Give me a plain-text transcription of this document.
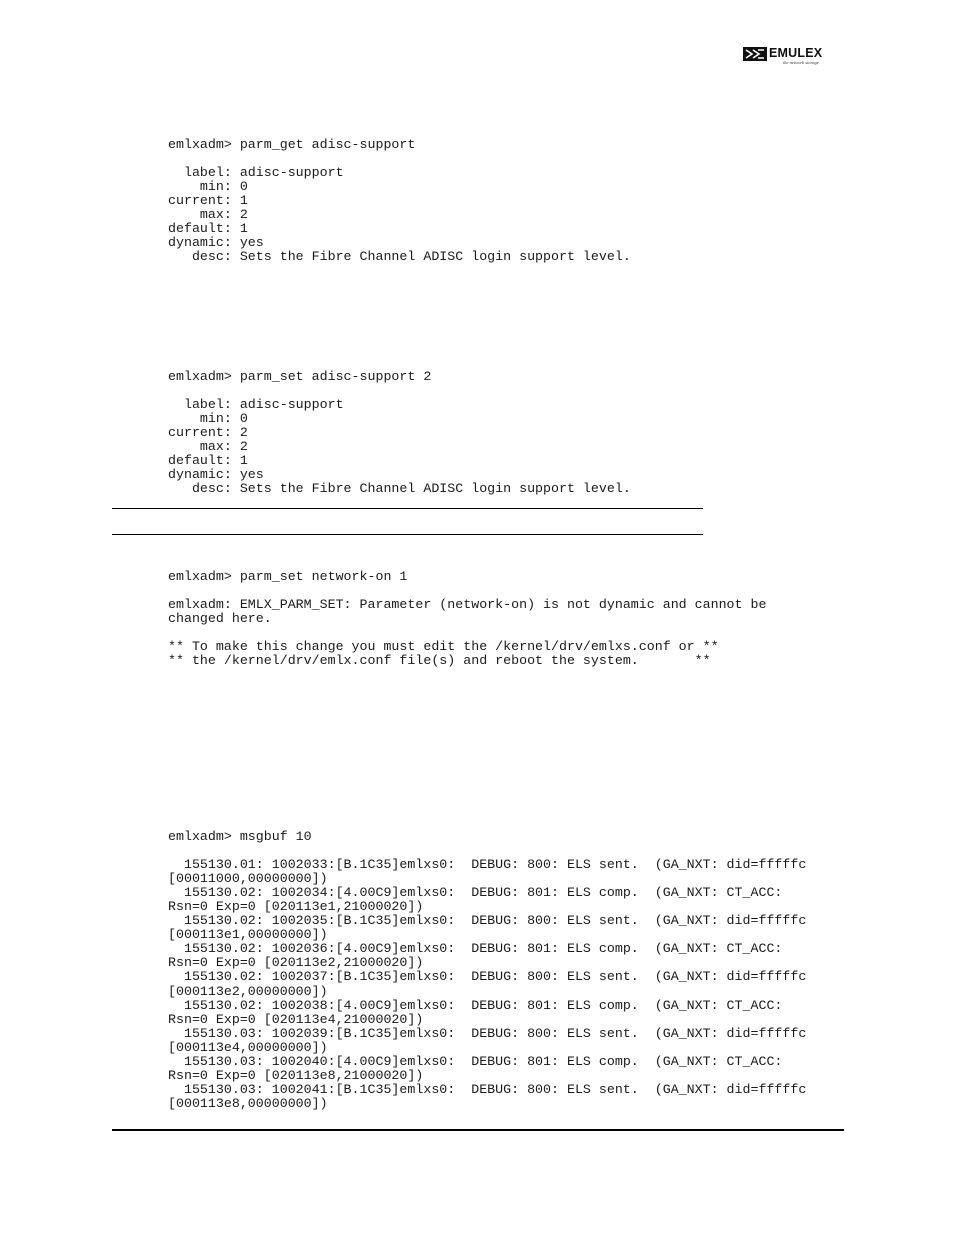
EMULEX
the network storage
emlxadm> parm_get adisc-support

label: adisc-support
min: 0
current: 1
max: 2
default: 1
dynamic: yes
desc: Sets the Fibre Channel ADISC login support level.
emlxadm> parm_set adisc-support 2

label: adisc-support
min: 0
current: 2
max: 2
default: 1
dynamic: yes
desc: Sets the Fibre Channel ADISC login support level.
emlxadm> parm_set network-on 1

emlxadm: EMLX_PARM_SET: Parameter (network-on) is not dynamic and cannot be
changed here.

** To make this change you must edit the /kernel/drv/emlxs.conf or **
** the /kernel/drv/emlx.conf file(s) and reboot the system.       **
emlxadm> msgbuf 10

155130.01: 1002033:[B.1C35]emlxs0:  DEBUG: 800: ELS sent.  (GA_NXT: did=fffffc
[00011000,00000000])
155130.02: 1002034:[4.00C9]emlxs0:  DEBUG: 801: ELS comp.  (GA_NXT: CT_ACC:
Rsn=0 Exp=0 [020113e1,21000020])
155130.02: 1002035:[B.1C35]emlxs0:  DEBUG: 800: ELS sent.  (GA_NXT: did=fffffc
[000113e1,00000000])
155130.02: 1002036:[4.00C9]emlxs0:  DEBUG: 801: ELS comp.  (GA_NXT: CT_ACC:
Rsn=0 Exp=0 [020113e2,21000020])
155130.02: 1002037:[B.1C35]emlxs0:  DEBUG: 800: ELS sent.  (GA_NXT: did=fffffc
[000113e2,00000000])
155130.02: 1002038:[4.00C9]emlxs0:  DEBUG: 801: ELS comp.  (GA_NXT: CT_ACC:
Rsn=0 Exp=0 [020113e4,21000020])
155130.03: 1002039:[B.1C35]emlxs0:  DEBUG: 800: ELS sent.  (GA_NXT: did=fffffc
[000113e4,00000000])
155130.03: 1002040:[4.00C9]emlxs0:  DEBUG: 801: ELS comp.  (GA_NXT: CT_ACC:
Rsn=0 Exp=0 [020113e8,21000020])
155130.03: 1002041:[B.1C35]emlxs0:  DEBUG: 800: ELS sent.  (GA_NXT: did=fffffc
[000113e8,00000000])
